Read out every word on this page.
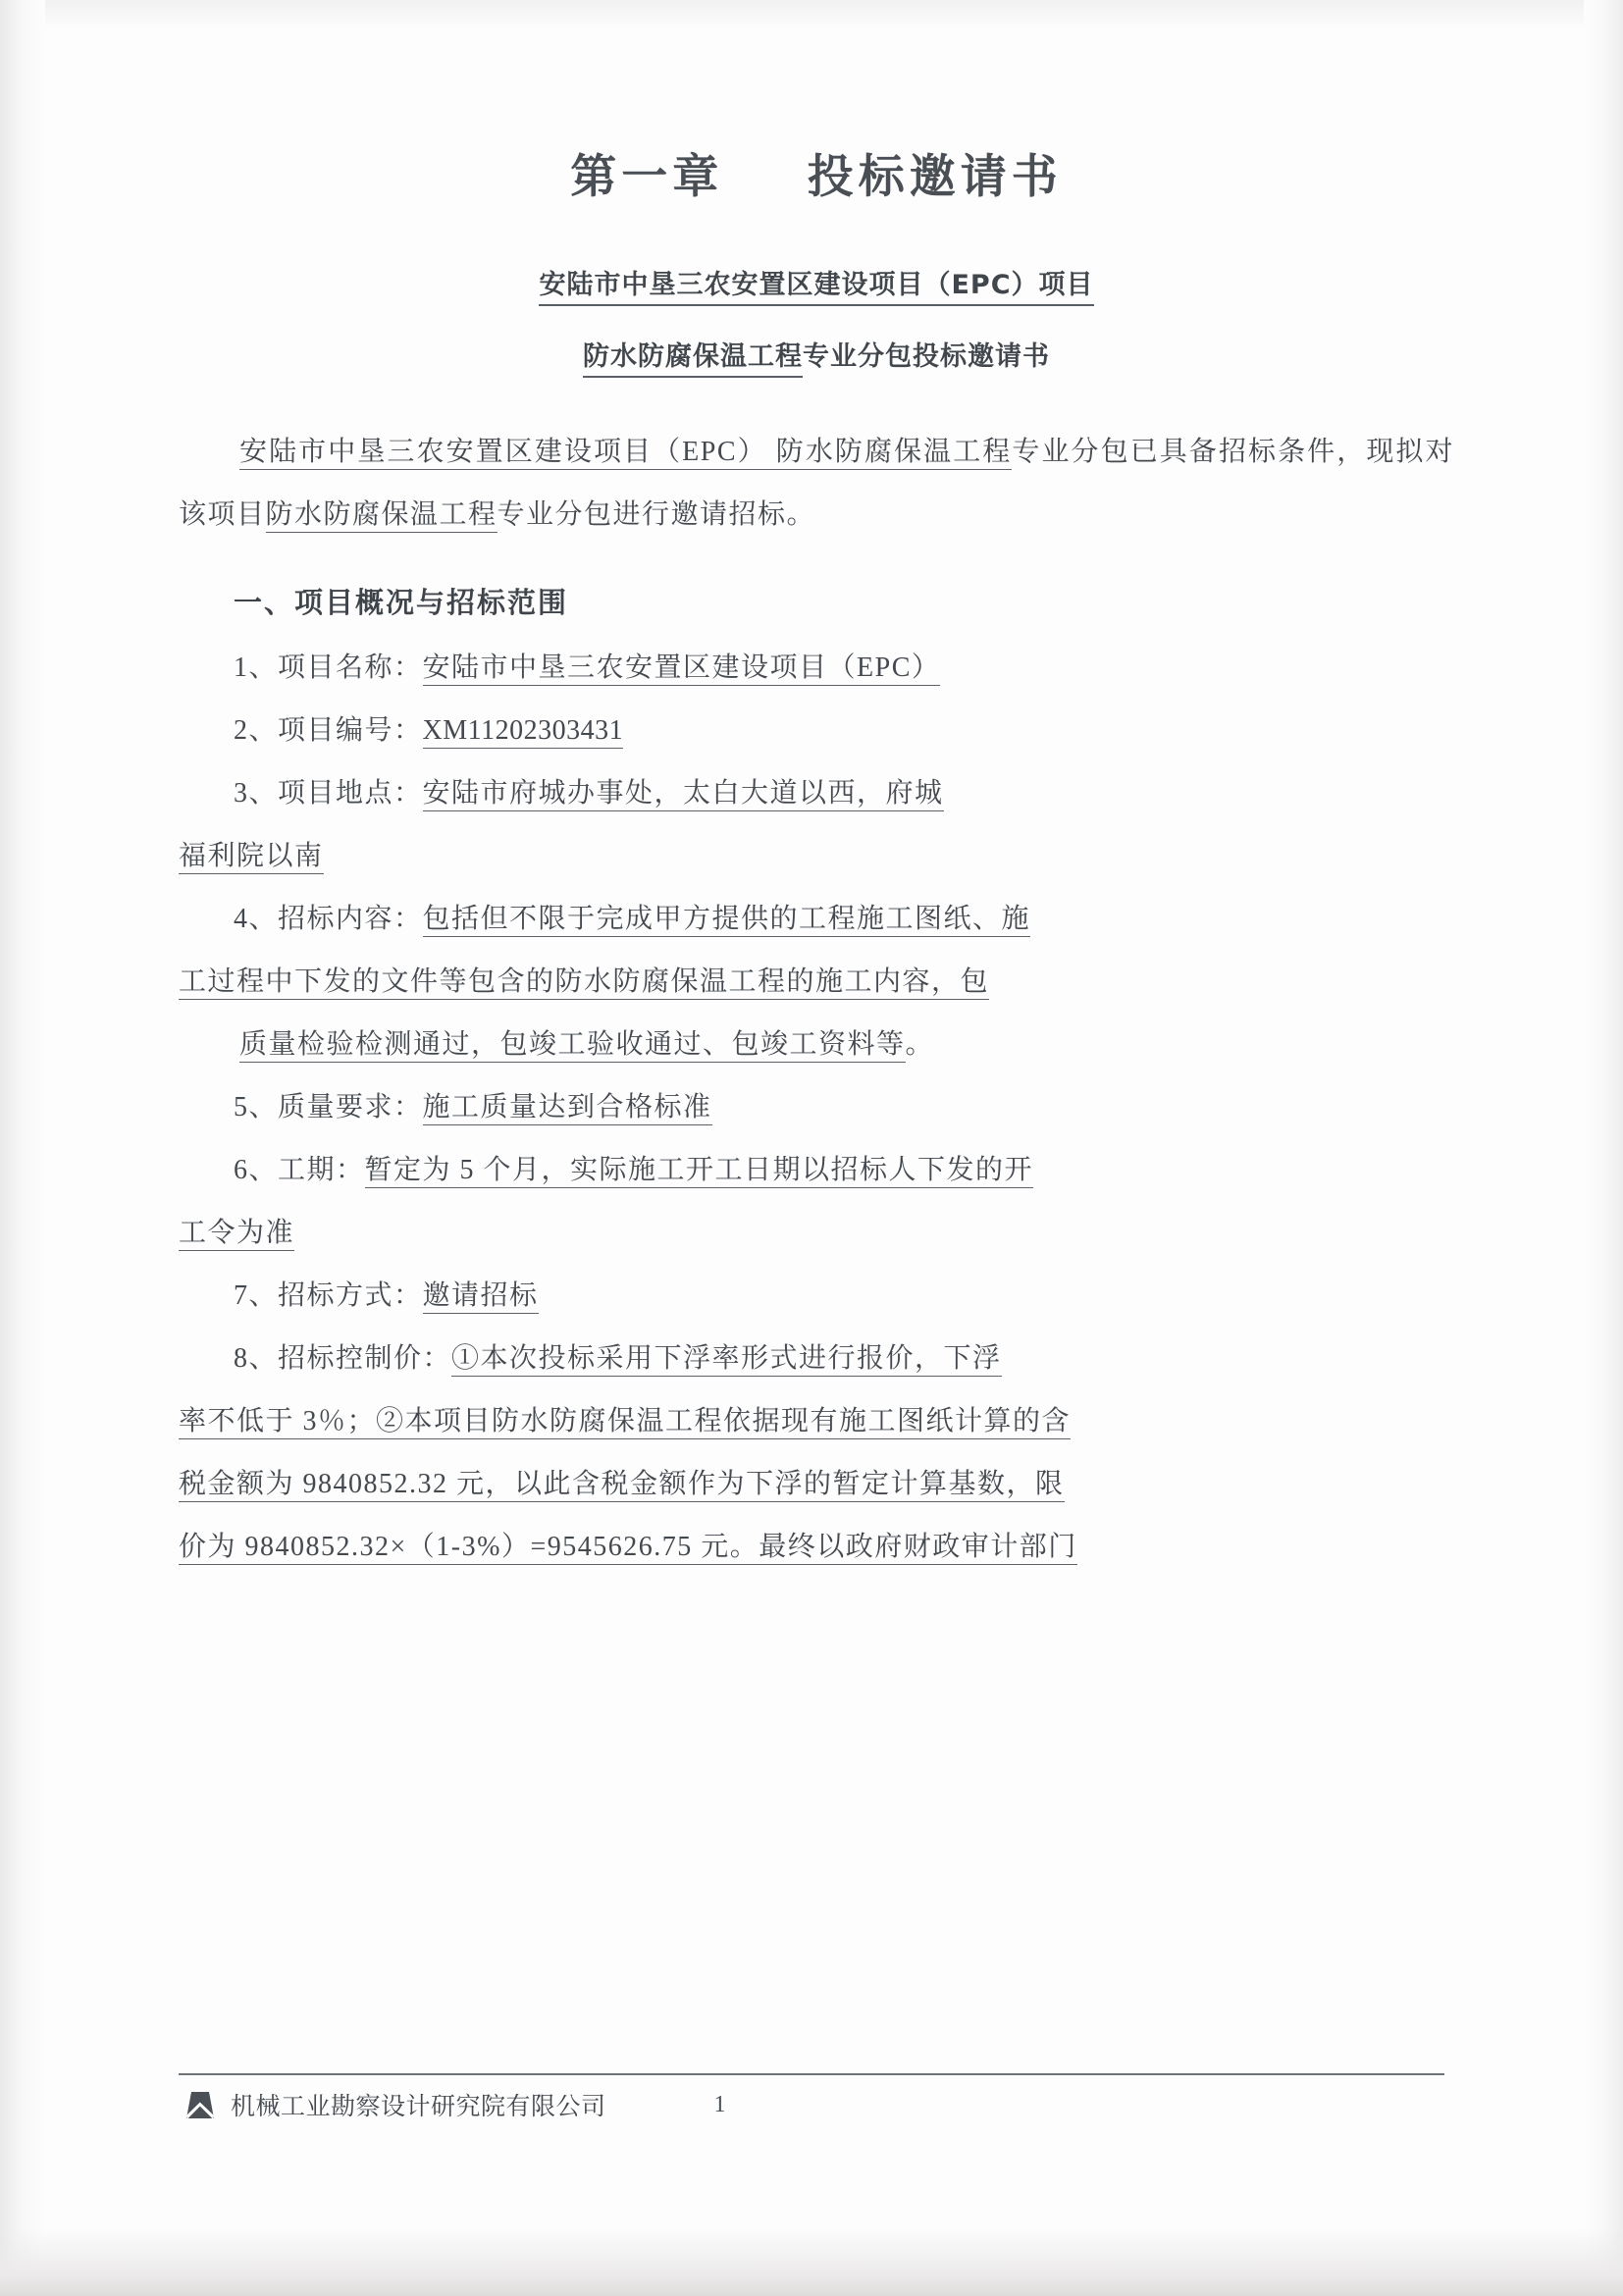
第一章    投标邀请书
安陆市中垦三农安置区建设项目（EPC）项目
防水防腐保温工程专业分包投标邀请书

安陆市中垦三农安置区建设项目（EPC） 防水防腐保温工程专业分包已具备招标条件，现拟对该项目防水防腐保温工程专业分包进行邀请招标。

一、项目概况与招标范围

1、项目名称：安陆市中垦三农安置区建设项目（EPC）

2、项目编号：XM11202303431

3、项目地点：安陆市府城办事处，太白大道以西，府城

福利院以南

4、招标内容：包括但不限于完成甲方提供的工程施工图纸、施

工过程中下发的文件等包含的防水防腐保温工程的施工内容，包

质量检验检测通过，包竣工验收通过、包竣工资料等。

5、质量要求：施工质量达到合格标准

6、工期：暂定为 5 个月，实际施工开工日期以招标人下发的开

工令为准

7、招标方式：邀请招标

8、招标控制价：①本次投标采用下浮率形式进行报价，下浮

率不低于 3％；②本项目防水防腐保温工程依据现有施工图纸计算的含

税金额为 9840852.32 元，以此含税金额作为下浮的暂定计算基数，限

价为 9840852.32×（1-3%）=9545626.75 元。最终以政府财政审计部门

机械工业勘察设计研究院有限公司	1
